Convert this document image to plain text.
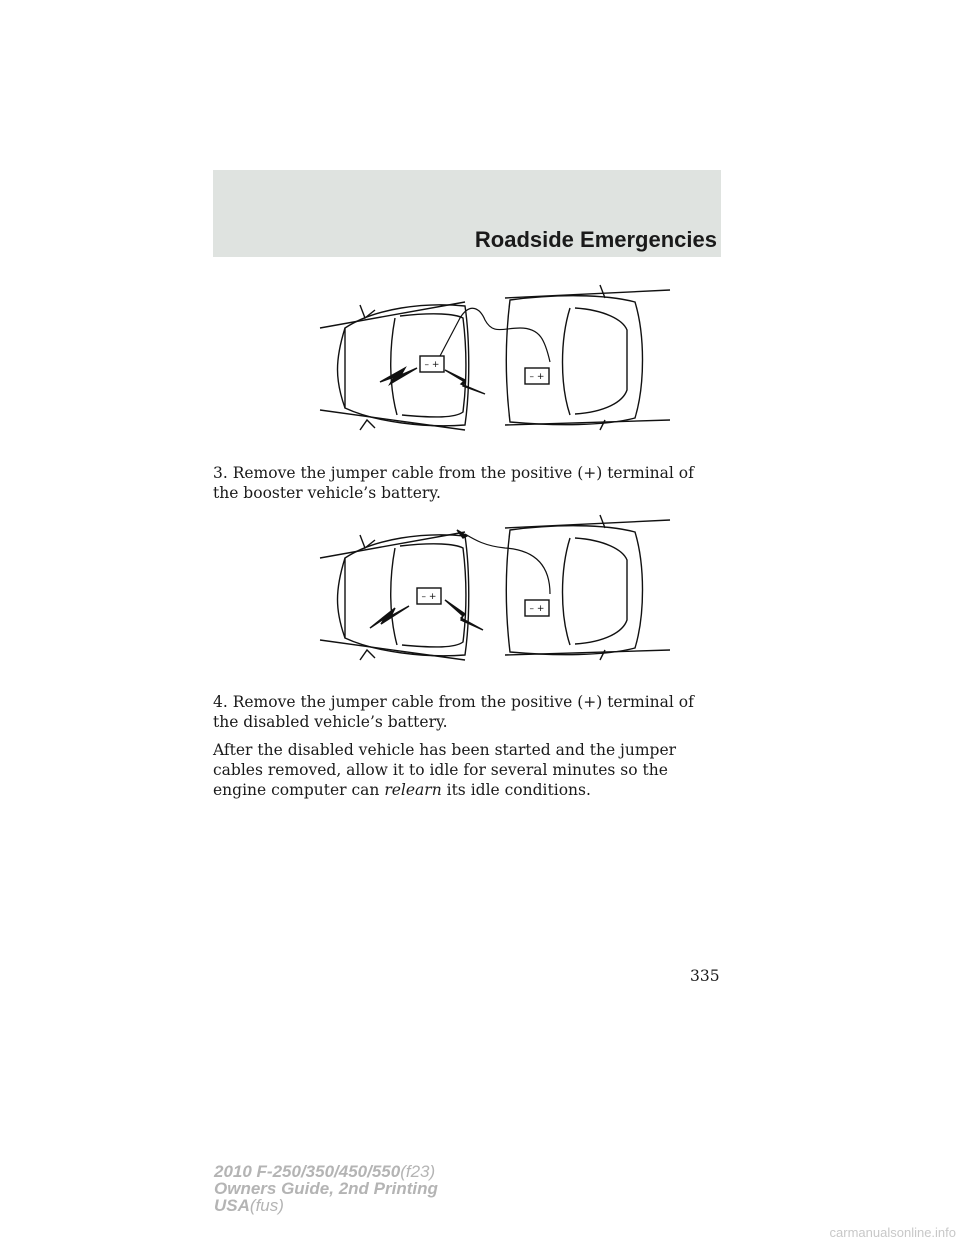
Roadside Emergencies
– +
– +

3. Remove the jumper cable from the positive (+) terminal of the booster vehicle’s battery.

– +
– +

4. Remove the jumper cable from the positive (+) terminal of the disabled vehicle’s battery.

After the disabled vehicle has been started and the jumper cables removed, allow it to idle for several minutes so the engine computer can relearn its idle conditions.

335
2010 F-250/350/450/550(f23)
Owners Guide, 2nd Printing
USA(fus)
carmanualsonline.info
